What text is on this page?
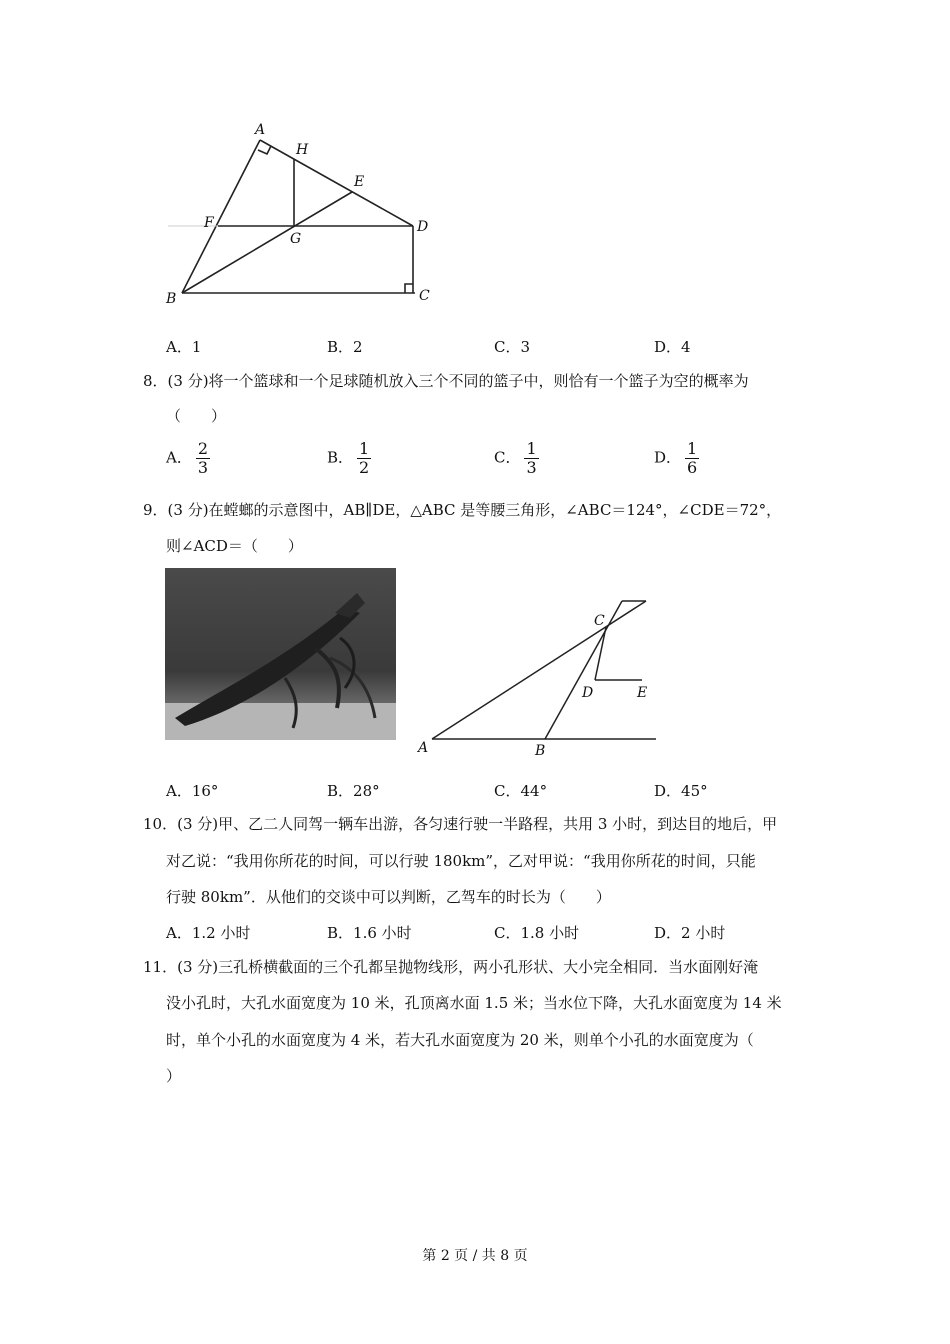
A
H
E
F
G
D
B	C
A．1	B．2	C．3	D．4
8．(3 分)将一个篮球和一个足球随机放入三个不同的篮子中，则恰有一个篮子为空的概率为
（　　）
A． $\frac{2}{3}$	B． $\frac{1}{2}$	C． $\frac{1}{3}$	D． $\frac{1}{6}$
9．(3 分)在螳螂的示意图中，AB∥DE，△ABC 是等腰三角形，∠ABC＝124°，∠CDE＝72°，
则∠ACD＝（　　）
C
D	E
A	B
A．16°	B．28°	C．44°	D．45°
10．(3 分)甲、乙二人同驾一辆车出游，各匀速行驶一半路程，共用 3 小时，到达目的地后，甲
对乙说：“我用你所花的时间，可以行驶 180km”，乙对甲说：“我用你所花的时间，只能
行驶 80km”．从他们的交谈中可以判断，乙驾车的时长为（　　）
A．1.2 小时	B．1.6 小时	C．1.8 小时	D．2 小时
11．(3 分)三孔桥横截面的三个孔都呈抛物线形，两小孔形状、大小完全相同．当水面刚好淹
没小孔时，大孔水面宽度为 10 米，孔顶离水面 1.5 米；当水位下降，大孔水面宽度为 14 米
时，单个小孔的水面宽度为 4 米，若大孔水面宽度为 20 米，则单个小孔的水面宽度为（
）
第 2 页 / 共 8 页
